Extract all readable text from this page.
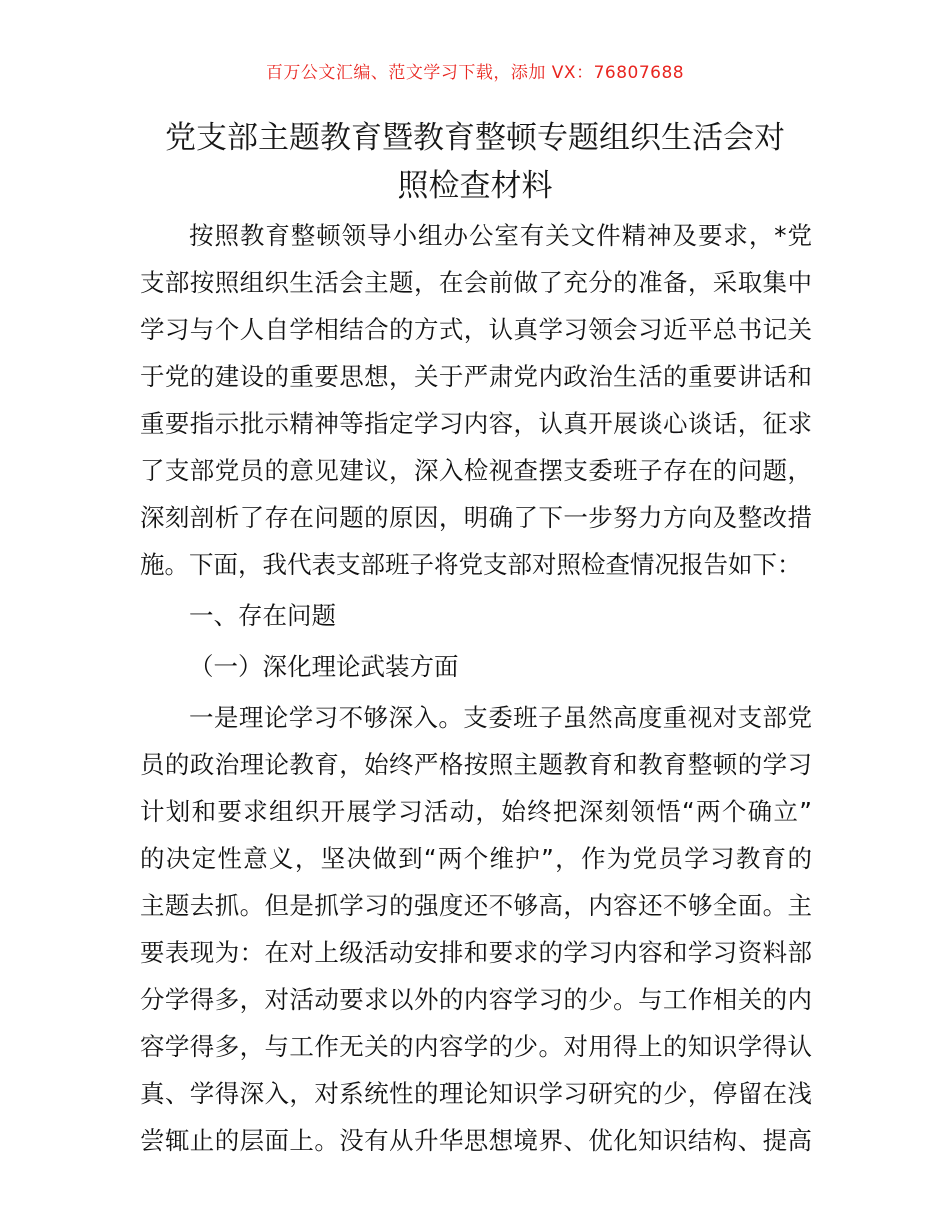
百万公文汇编、范文学习下载，添加 VX：76807688
党支部主题教育暨教育整顿专题组织生活会对
照检查材料
按照教育整顿领导小组办公室有关文件精神及要求，*党
支部按照组织生活会主题，在会前做了充分的准备，采取集中
学习与个人自学相结合的方式，认真学习领会习近平总书记关
于党的建设的重要思想，关于严肃党内政治生活的重要讲话和
重要指示批示精神等指定学习内容，认真开展谈心谈话，征求
了支部党员的意见建议，深入检视查摆支委班子存在的问题，
深刻剖析了存在问题的原因，明确了下一步努力方向及整改措
施。下面，我代表支部班子将党支部对照检查情况报告如下：
一、存在问题
（一）深化理论武装方面
一是理论学习不够深入。支委班子虽然高度重视对支部党
员的政治理论教育，始终严格按照主题教育和教育整顿的学习
计划和要求组织开展学习活动，始终把深刻领悟“两个确立”
的决定性意义，坚决做到“两个维护”，作为党员学习教育的
主题去抓。但是抓学习的强度还不够高，内容还不够全面。主
要表现为：在对上级活动安排和要求的学习内容和学习资料部
分学得多，对活动要求以外的内容学习的少。与工作相关的内
容学得多，与工作无关的内容学的少。对用得上的知识学得认
真、学得深入，对系统性的理论知识学习研究的少，停留在浅
尝辄止的层面上。没有从升华思想境界、优化知识结构、提高
